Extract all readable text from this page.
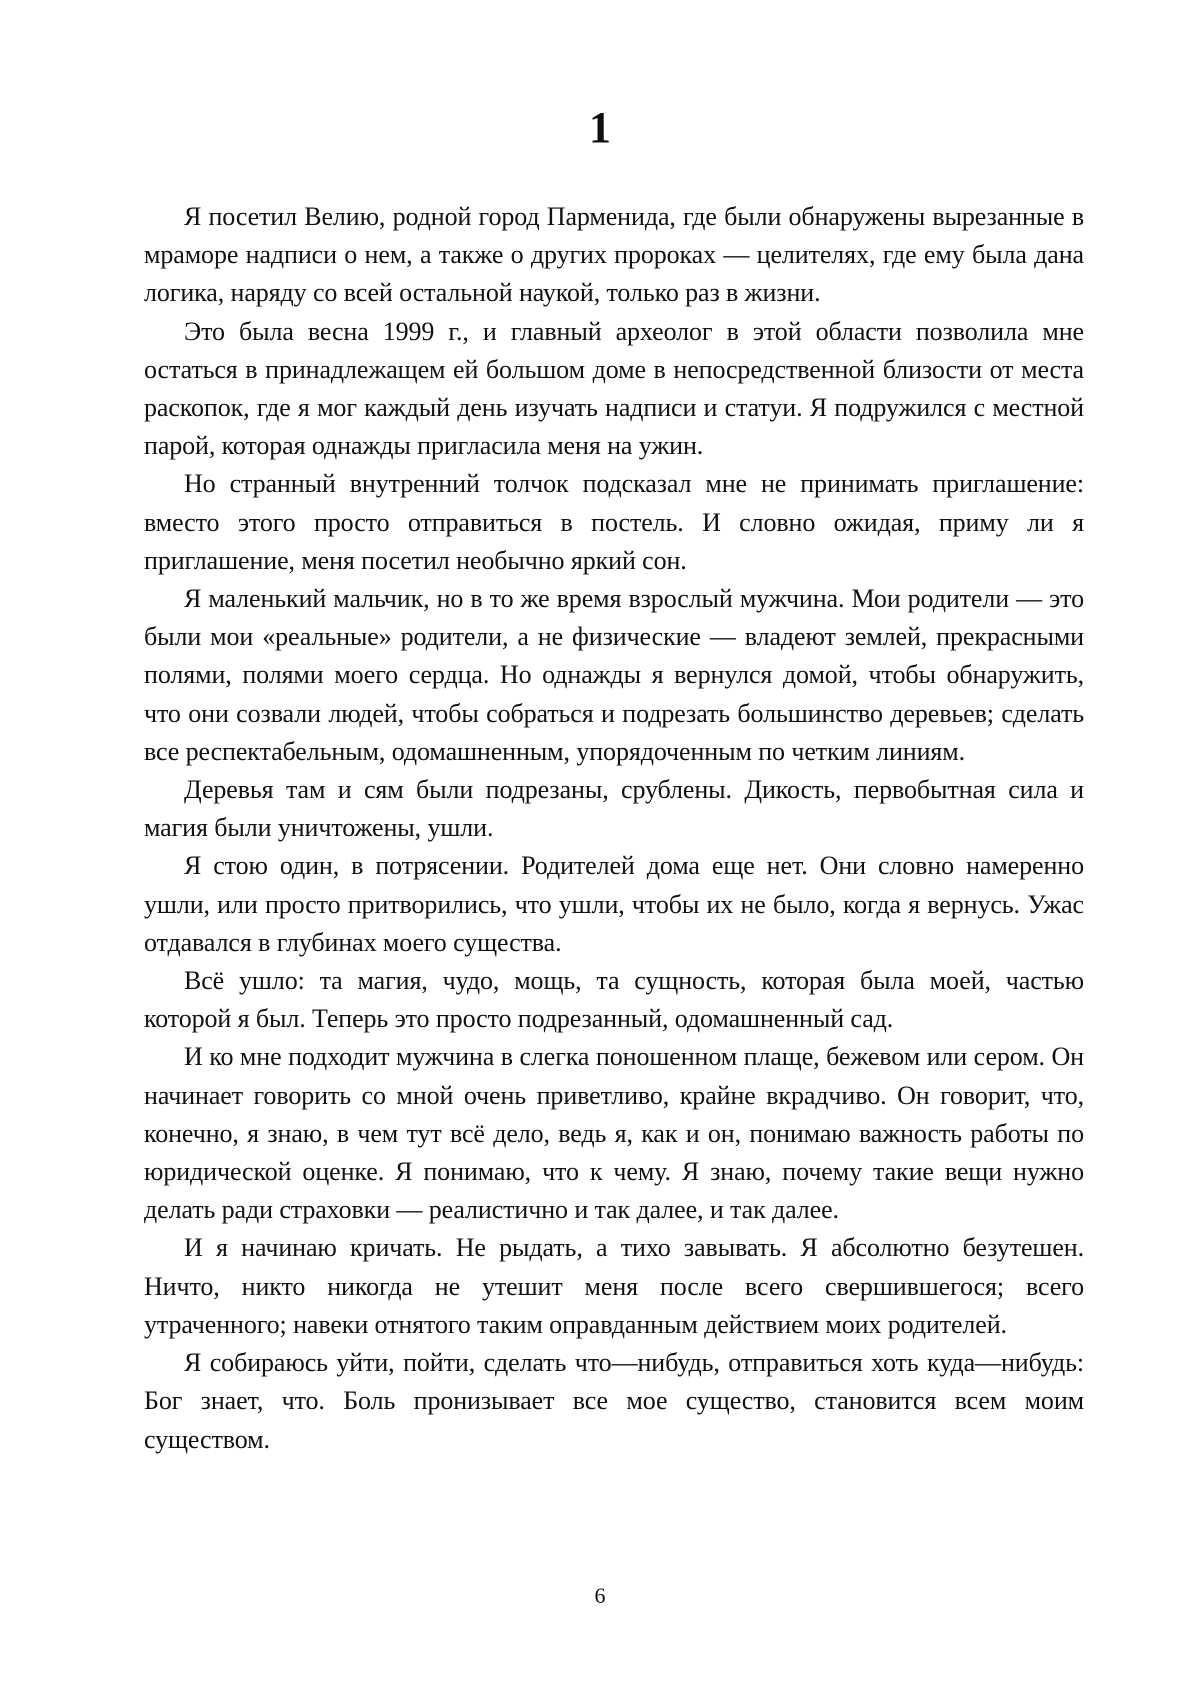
1

Я посетил Велию, родной город Парменида, где были обнаружены вырезанные в мраморе надписи о нем, а также о других пророках — целителях, где ему была дана логика, наряду со всей остальной наукой, только раз в жизни.

Это была весна 1999 г., и главный археолог в этой области позволила мне остаться в принадлежащем ей большом доме в непосредственной близости от места раскопок, где я мог каждый день изучать надписи и статуи. Я подружился с местной парой, которая однажды пригласила меня на ужин.

Но странный внутренний толчок подсказал мне не принимать приглашение: вместо этого просто отправиться в постель. И словно ожидая, приму ли я приглашение, меня посетил необычно яркий сон.

Я маленький мальчик, но в то же время взрослый мужчина. Мои родители — это были мои «реальные» родители, а не физические — владеют землей, прекрасными полями, полями моего сердца. Но однажды я вернулся домой, чтобы обнаружить, что они созвали людей, чтобы собраться и подрезать большинство деревьев; сделать все респектабельным, одомашненным, упорядоченным по четким линиям.

Деревья там и сям были подрезаны, срублены. Дикость, первобытная сила и магия были уничтожены, ушли.

Я стою один, в потрясении. Родителей дома еще нет. Они словно намеренно ушли, или просто притворились, что ушли, чтобы их не было, когда я вернусь. Ужас отдавался в глубинах моего существа.

Всё ушло: та магия, чудо, мощь, та сущность, которая была моей, частью которой я был. Теперь это просто подрезанный, одомашненный сад.

И ко мне подходит мужчина в слегка поношенном плаще, бежевом или сером. Он начинает говорить со мной очень приветливо, крайне вкрадчиво. Он говорит, что, конечно, я знаю, в чем тут всё дело, ведь я, как и он, понимаю важность работы по юридической оценке. Я понимаю, что к чему. Я знаю, почему такие вещи нужно делать ради страховки — реалистично и так далее, и так далее.

И я начинаю кричать. Не рыдать, а тихо завывать. Я абсолютно безутешен. Ничто, никто никогда не утешит меня после всего свершившегося; всего утраченного; навеки отнятого таким оправданным действием моих родителей.

Я собираюсь уйти, пойти, сделать что—нибудь, отправиться хоть куда—нибудь: Бог знает, что. Боль пронизывает все мое существо, становится всем моим существом.

6
